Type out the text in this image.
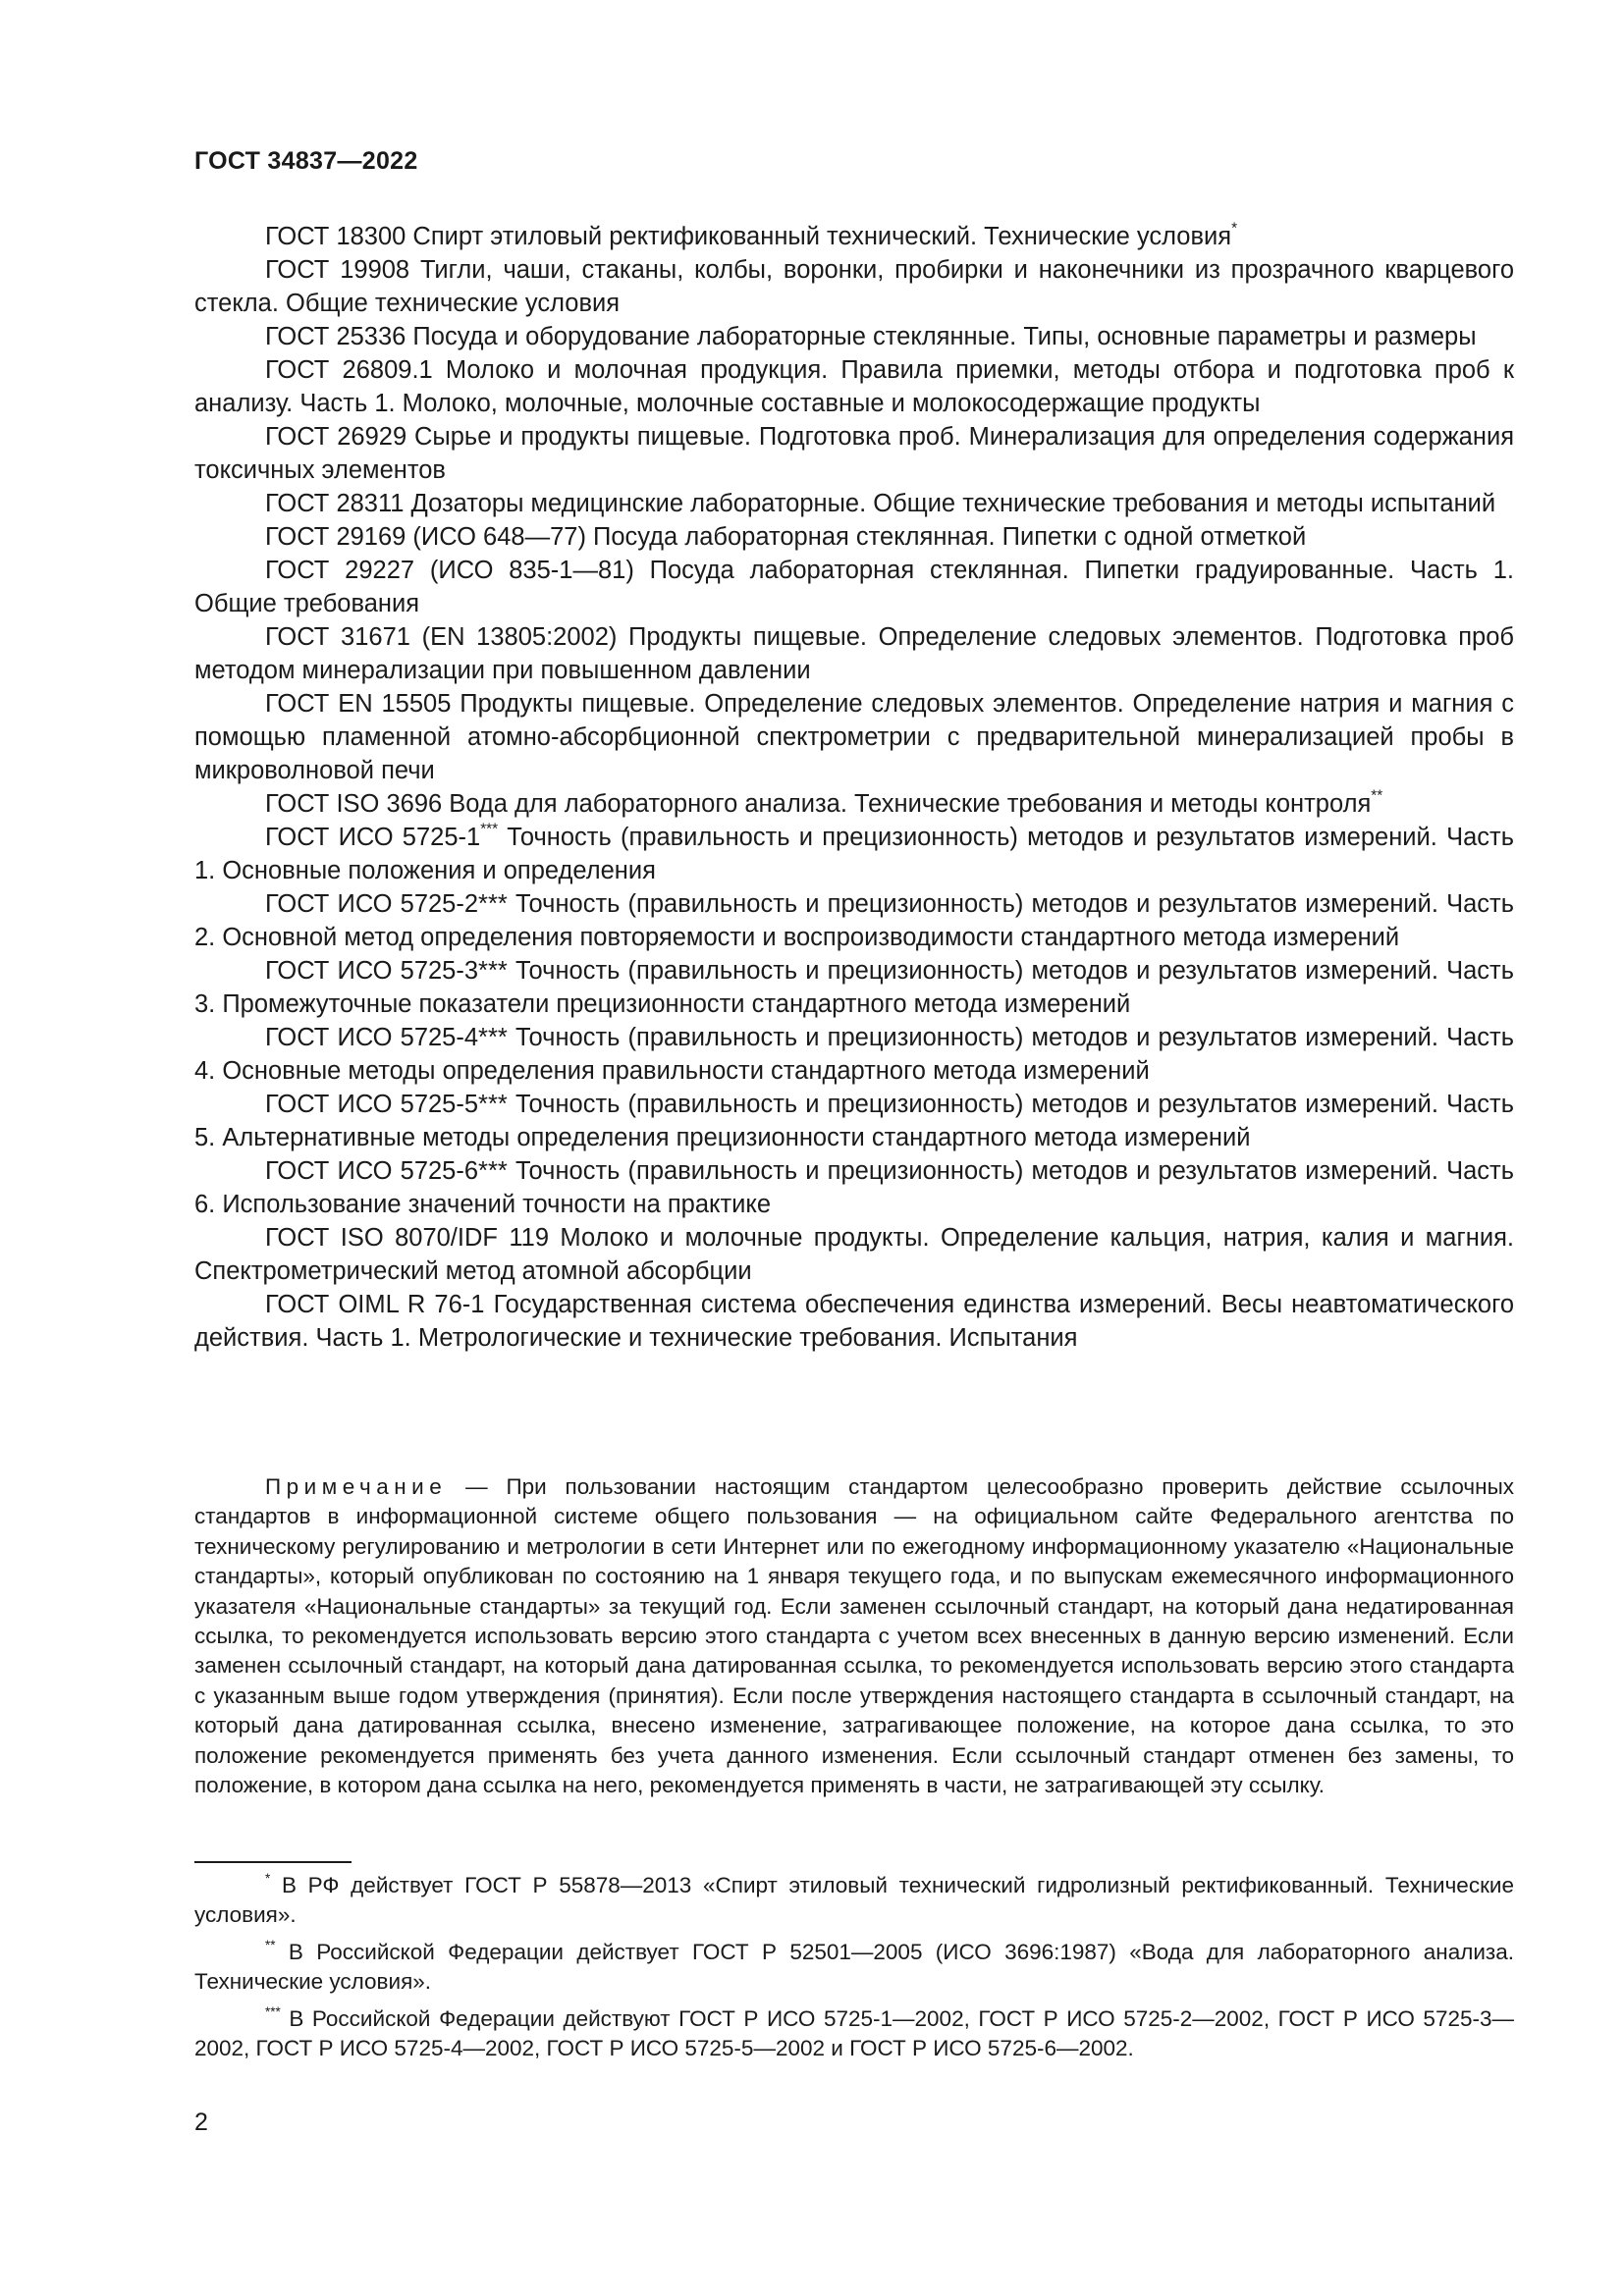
ГОСТ 34837—2022

ГОСТ 18300 Спирт этиловый ректификованный технический. Технические условия*

ГОСТ 19908 Тигли, чаши, стаканы, колбы, воронки, пробирки и наконечники из прозрачного кварцевого стекла. Общие технические условия

ГОСТ 25336 Посуда и оборудование лабораторные стеклянные. Типы, основные параметры и размеры

ГОСТ 26809.1 Молоко и молочная продукция. Правила приемки, методы отбора и подготовка проб к анализу. Часть 1. Молоко, молочные, молочные составные и молокосодержащие продукты

ГОСТ 26929 Сырье и продукты пищевые. Подготовка проб. Минерализация для определения содержания токсичных элементов

ГОСТ 28311 Дозаторы медицинские лабораторные. Общие технические требования и методы испытаний

ГОСТ 29169 (ИСО 648—77) Посуда лабораторная стеклянная. Пипетки с одной отметкой

ГОСТ 29227 (ИСО 835-1—81) Посуда лабораторная стеклянная. Пипетки градуированные. Часть 1. Общие требования

ГОСТ 31671 (EN 13805:2002) Продукты пищевые. Определение следовых элементов. Подготовка проб методом минерализации при повышенном давлении

ГОСТ EN 15505 Продукты пищевые. Определение следовых элементов. Определение натрия и магния с помощью пламенной атомно-абсорбционной спектрометрии с предварительной минерализацией пробы в микроволновой печи

ГОСТ ISO 3696 Вода для лабораторного анализа. Технические требования и методы контроля**

ГОСТ ИСО 5725-1*** Точность (правильность и прецизионность) методов и результатов измерений. Часть 1. Основные положения и определения

ГОСТ ИСО 5725-2*** Точность (правильность и прецизионность) методов и результатов измерений. Часть 2. Основной метод определения повторяемости и воспроизводимости стандартного метода измерений

ГОСТ ИСО 5725-3*** Точность (правильность и прецизионность) методов и результатов измерений. Часть 3. Промежуточные показатели прецизионности стандартного метода измерений

ГОСТ ИСО 5725-4*** Точность (правильность и прецизионность) методов и результатов измерений. Часть 4. Основные методы определения правильности стандартного метода измерений

ГОСТ ИСО 5725-5*** Точность (правильность и прецизионность) методов и результатов измерений. Часть 5. Альтернативные методы определения прецизионности стандартного метода измерений

ГОСТ ИСО 5725-6*** Точность (правильность и прецизионность) методов и результатов измерений. Часть 6. Использование значений точности на практике

ГОСТ ISO 8070/IDF 119 Молоко и молочные продукты. Определение кальция, натрия, калия и магния. Спектрометрический метод атомной абсорбции

ГОСТ OIML R 76-1 Государственная система обеспечения единства измерений. Весы неавтоматического действия. Часть 1. Метрологические и технические требования. Испытания

Примечание — При пользовании настоящим стандартом целесообразно проверить действие ссылочных стандартов в информационной системе общего пользования — на официальном сайте Федерального агентства по техническому регулированию и метрологии в сети Интернет или по ежегодному информационному указателю «Национальные стандарты», который опубликован по состоянию на 1 января текущего года, и по выпускам ежемесячного информационного указателя «Национальные стандарты» за текущий год. Если заменен ссылочный стандарт, на который дана недатированная ссылка, то рекомендуется использовать версию этого стандарта с учетом всех внесенных в данную версию изменений. Если заменен ссылочный стандарт, на который дана датированная ссылка, то рекомендуется использовать версию этого стандарта с указанным выше годом утверждения (принятия). Если после утверждения настоящего стандарта в ссылочный стандарт, на который дана датированная ссылка, внесено изменение, затрагивающее положение, на которое дана ссылка, то это положение рекомендуется применять без учета данного изменения. Если ссылочный стандарт отменен без замены, то положение, в котором дана ссылка на него, рекомендуется применять в части, не затрагивающей эту ссылку.

* В РФ действует ГОСТ Р 55878—2013 «Спирт этиловый технический гидролизный ректификованный. Технические условия».

** В Российской Федерации действует ГОСТ Р 52501—2005 (ИСО 3696:1987) «Вода для лабораторного анализа. Технические условия».

*** В Российской Федерации действуют ГОСТ Р ИСО 5725-1—2002, ГОСТ Р ИСО 5725-2—2002, ГОСТ Р ИСО 5725-3—2002, ГОСТ Р ИСО 5725-4—2002, ГОСТ Р ИСО 5725-5—2002 и ГОСТ Р ИСО 5725-6—2002.

2
